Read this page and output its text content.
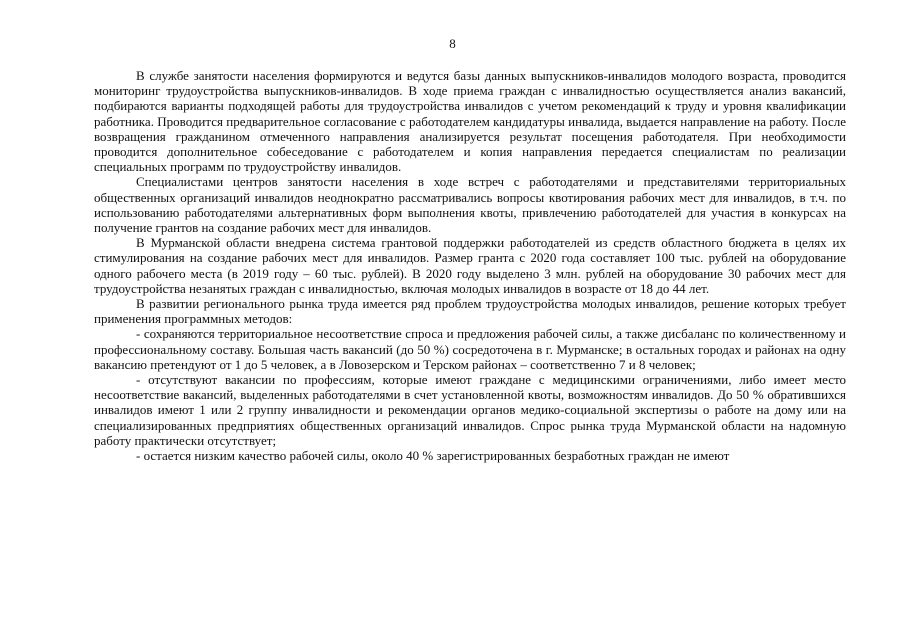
8

В службе занятости населения формируются и ведутся базы данных выпускников-инвалидов молодого возраста, проводится мониторинг трудоустройства выпускников-инвалидов. В ходе приема граждан с инвалидностью осуществляется анализ вакансий, подбираются варианты подходящей работы для трудоустройства инвалидов с учетом рекомендаций к труду и уровня квалификации работника. Проводится предварительное согласование с работодателем кандидатуры инвалида, выдается направление на работу. После возвращения гражданином отмеченного направления анализируется результат посещения работодателя. При необходимости проводится дополнительное собеседование с работодателем и копия направления передается специалистам по реализации специальных программ по трудоустройству инвалидов.

Специалистами центров занятости населения в ходе встреч с работодателями и представителями территориальных общественных организаций инвалидов неоднократно рассматривались вопросы квотирования рабочих мест для инвалидов, в т.ч. по использованию работодателями альтернативных форм выполнения квоты, привлечению работодателей для участия в конкурсах на получение грантов на создание рабочих мест для инвалидов.

В Мурманской области внедрена система грантовой поддержки работодателей из средств областного бюджета в целях их стимулирования на создание рабочих мест для инвалидов. Размер гранта с 2020 года составляет 100 тыс. рублей на оборудование одного рабочего места (в 2019 году – 60 тыс. рублей). В 2020 году выделено 3 млн. рублей на оборудование 30 рабочих мест для трудоустройства незанятых граждан с инвалидностью, включая молодых инвалидов в возрасте от 18 до 44 лет.

В развитии регионального рынка труда имеется ряд проблем трудоустройства молодых инвалидов, решение которых требует применения программных методов:

- сохраняются территориальное несоответствие спроса и предложения рабочей силы, а также дисбаланс по количественному и профессиональному составу. Большая часть вакансий (до 50 %) сосредоточена в г. Мурманске; в остальных городах и районах на одну вакансию претендуют от 1 до 5 человек, а в Ловозерском и Терском районах – соответственно 7 и 8 человек;

- отсутствуют вакансии по профессиям, которые имеют граждане с медицинскими ограничениями, либо имеет место несоответствие вакансий, выделенных работодателями в счет установленной квоты, возможностям инвалидов. До 50 % обратившихся инвалидов имеют 1 или 2 группу инвалидности и рекомендации органов медико-социальной экспертизы о работе на дому или на специализированных предприятиях общественных организаций инвалидов. Спрос рынка труда Мурманской области на надомную работу практически отсутствует;

- остается низким качество рабочей силы, около 40 % зарегистрированных безработных граждан не имеют
